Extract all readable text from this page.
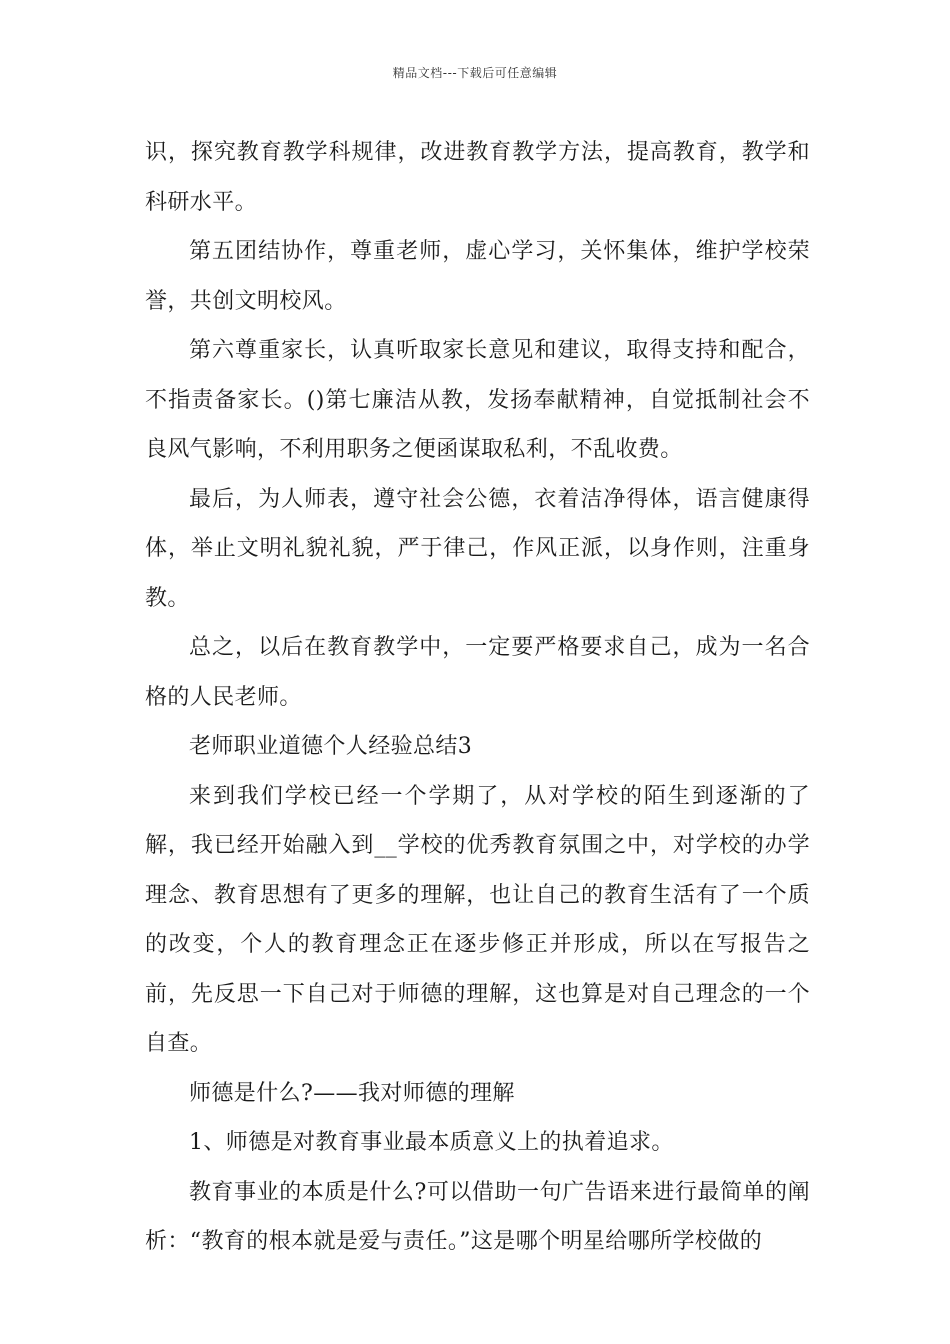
精品文档---下载后可任意编辑

识，探究教育教学科规律，改进教育教学方法，提高教育，教学和科研水平。

第五团结协作，尊重老师，虚心学习，关怀集体，维护学校荣誉，共创文明校风。

第六尊重家长，认真听取家长意见和建议，取得支持和配合，不指责备家长。()第七廉洁从教，发扬奉献精神，自觉抵制社会不良风气影响，不利用职务之便函谋取私利，不乱收费。

最后，为人师表，遵守社会公德，衣着洁净得体，语言健康得体，举止文明礼貌礼貌，严于律己，作风正派，以身作则，注重身教。

总之，以后在教育教学中，一定要严格要求自己，成为一名合格的人民老师。

老师职业道德个人经验总结3

来到我们学校已经一个学期了，从对学校的陌生到逐渐的了解，我已经开始融入到__学校的优秀教育氛围之中，对学校的办学理念、教育思想有了更多的理解，也让自己的教育生活有了一个质的改变，个人的教育理念正在逐步修正并形成，所以在写报告之前，先反思一下自己对于师德的理解，这也算是对自己理念的一个自查。

师德是什么?——我对师德的理解

1、师德是对教育事业最本质意义上的执着追求。

教育事业的本质是什么?可以借助一句广告语来进行最简单的阐析：“教育的根本就是爱与责任。”这是哪个明星给哪所学校做的
